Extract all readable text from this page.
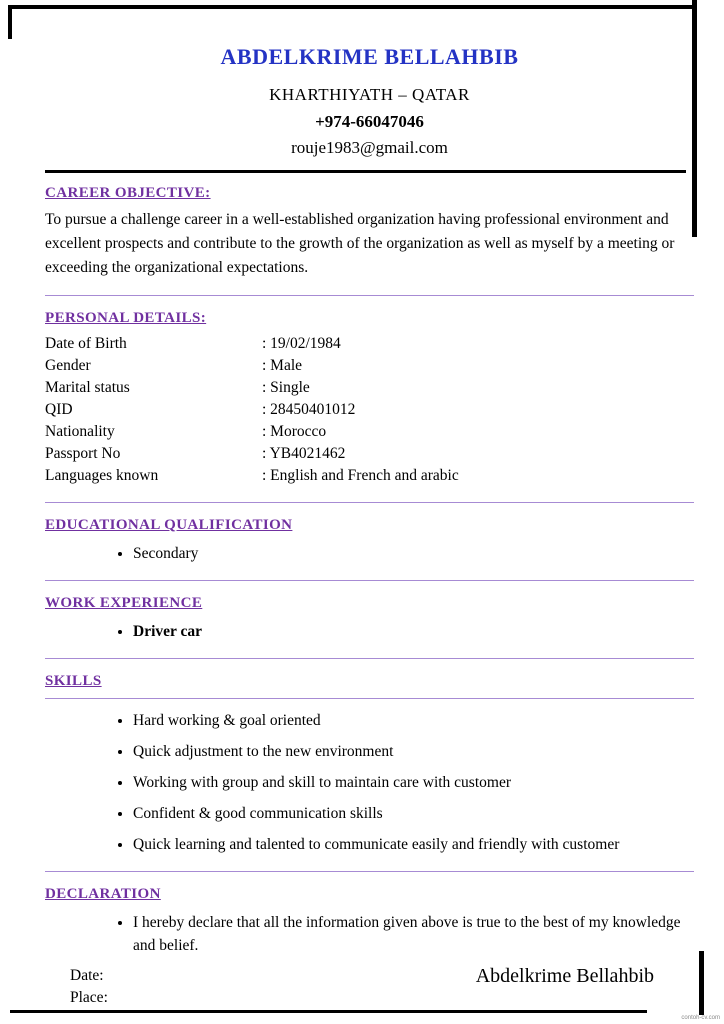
ABDELKRIME BELLAHBIB
KHARTHIYATH – QATAR
+974-66047046
rouje1983@gmail.com
CAREER OBJECTIVE:

To pursue a challenge career in a well-established organization having professional environment and excellent prospects and contribute to the growth of the organization as well as myself by a meeting or exceeding the organizational expectations.

PERSONAL DETAILS:
Date of Birth	: 19/02/1984
Gender	: Male
Marital status	: Single
QID	: 28450401012
Nationality	: Morocco
Passport No	: YB4021462
Languages known	: English and French and arabic
EDUCATIONAL QUALIFICATION
• Secondary
WORK EXPERIENCE
• Driver car
SKILLS
• Hard working & goal oriented
• Quick adjustment to the new environment
• Working with group and skill to maintain care with customer
• Confident & good communication skills
• Quick learning and talented to communicate easily and friendly with customer
DECLARATION
• I hereby declare that all the information given above is true to the best of my knowledge and belief.
Date:	Abdelkrime Bellahbib
Place:
contoh-cv.com
